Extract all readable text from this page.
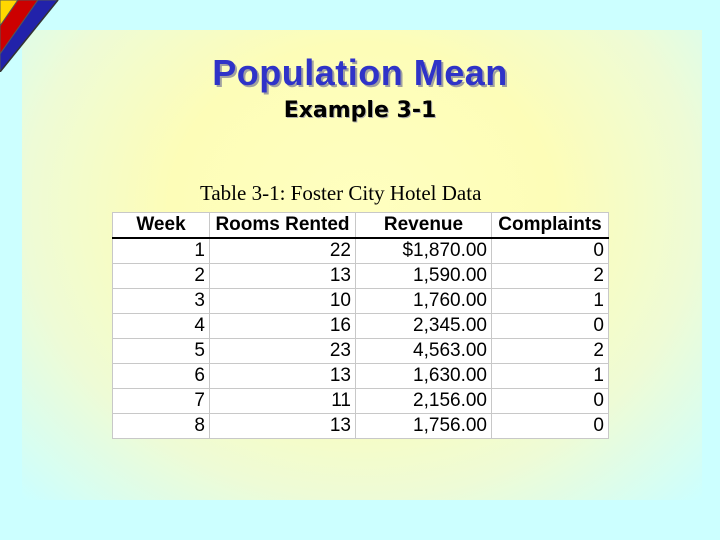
Population Mean
Example 3-1
Table 3-1: Foster City Hotel Data
Week	Rooms Rented	Revenue	Complaints
1	22	$1,870.00	0
2	13	1,590.00	2
3	10	1,760.00	1
4	16	2,345.00	0
5	23	4,563.00	2
6	13	1,630.00	1
7	11	2,156.00	0
8	13	1,756.00	0
